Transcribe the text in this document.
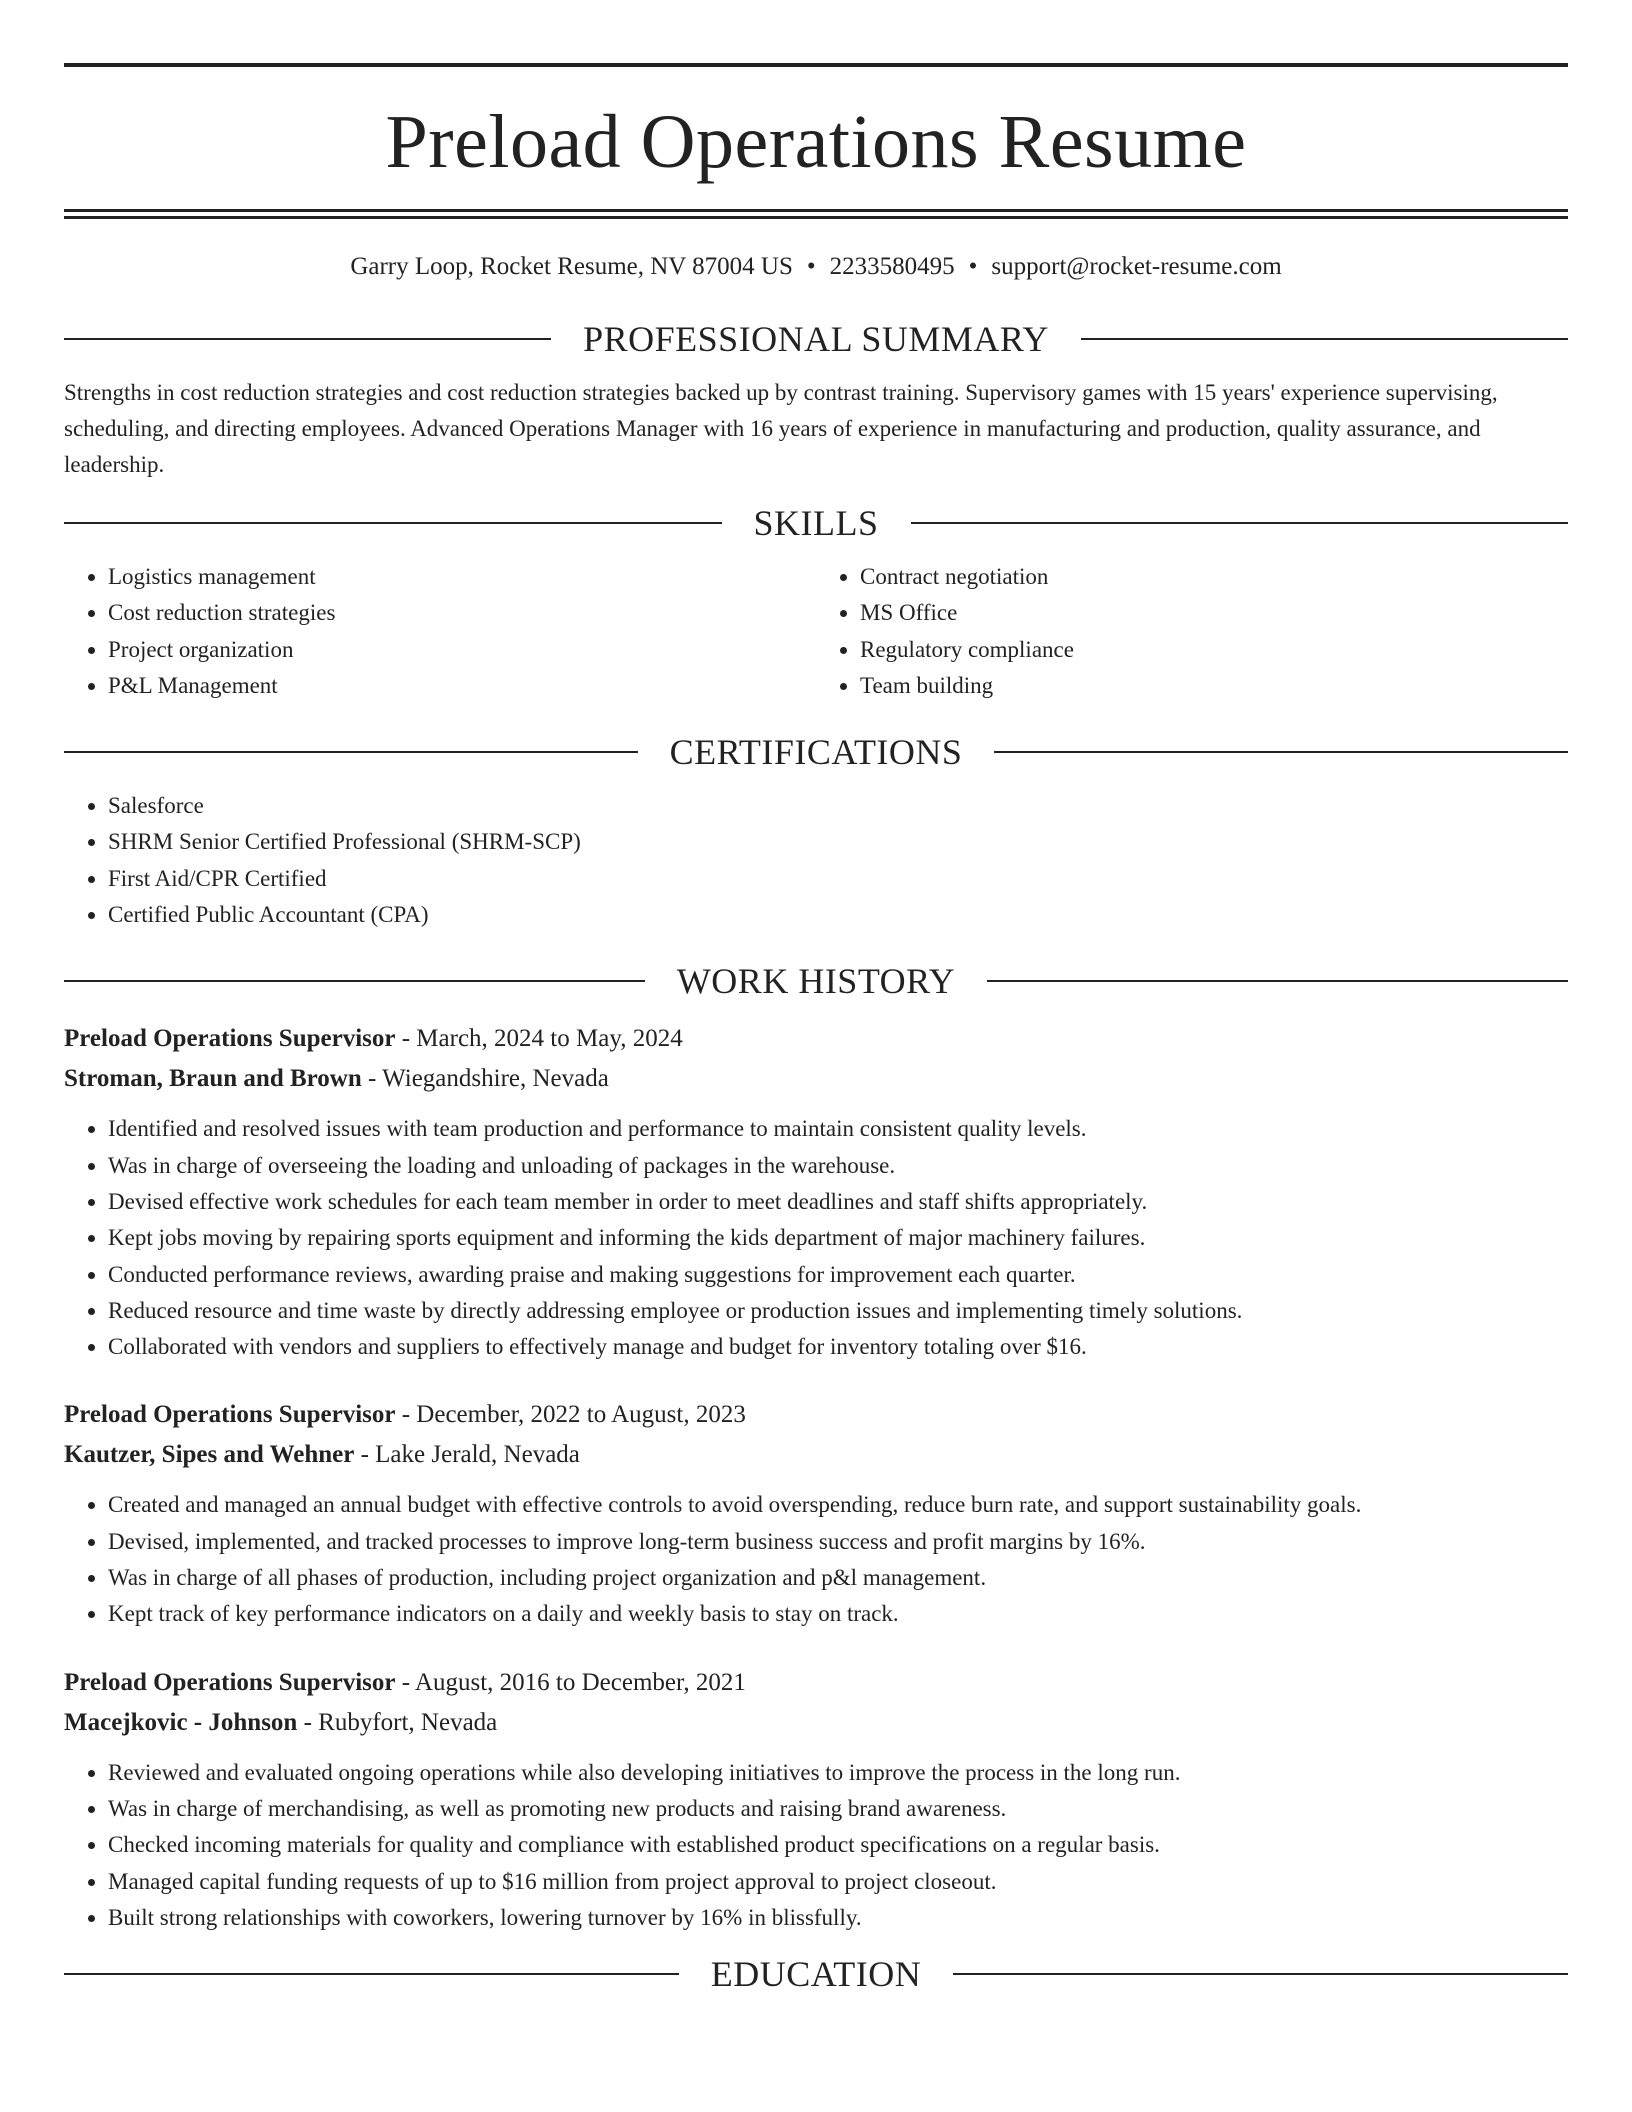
Preload Operations Resume
Garry Loop, Rocket Resume, NV 87004 US • 2233580495 • support@rocket-resume.com
PROFESSIONAL SUMMARY
Strengths in cost reduction strategies and cost reduction strategies backed up by contrast training. Supervisory games with 15 years' experience supervising, scheduling, and directing employees. Advanced Operations Manager with 16 years of experience in manufacturing and production, quality assurance, and leadership.
SKILLS
• Logistics management
• Cost reduction strategies
• Project organization
• P&L Management
• Contract negotiation
• MS Office
• Regulatory compliance
• Team building
CERTIFICATIONS
• Salesforce
• SHRM Senior Certified Professional (SHRM-SCP)
• First Aid/CPR Certified
• Certified Public Accountant (CPA)
WORK HISTORY
Preload Operations Supervisor - March, 2024 to May, 2024
Stroman, Braun and Brown - Wiegandshire, Nevada
• Identified and resolved issues with team production and performance to maintain consistent quality levels.
• Was in charge of overseeing the loading and unloading of packages in the warehouse.
• Devised effective work schedules for each team member in order to meet deadlines and staff shifts appropriately.
• Kept jobs moving by repairing sports equipment and informing the kids department of major machinery failures.
• Conducted performance reviews, awarding praise and making suggestions for improvement each quarter.
• Reduced resource and time waste by directly addressing employee or production issues and implementing timely solutions.
• Collaborated with vendors and suppliers to effectively manage and budget for inventory totaling over $16.
Preload Operations Supervisor - December, 2022 to August, 2023
Kautzer, Sipes and Wehner - Lake Jerald, Nevada
• Created and managed an annual budget with effective controls to avoid overspending, reduce burn rate, and support sustainability goals.
• Devised, implemented, and tracked processes to improve long-term business success and profit margins by 16%.
• Was in charge of all phases of production, including project organization and p&l management.
• Kept track of key performance indicators on a daily and weekly basis to stay on track.
Preload Operations Supervisor - August, 2016 to December, 2021
Macejkovic - Johnson - Rubyfort, Nevada
• Reviewed and evaluated ongoing operations while also developing initiatives to improve the process in the long run.
• Was in charge of merchandising, as well as promoting new products and raising brand awareness.
• Checked incoming materials for quality and compliance with established product specifications on a regular basis.
• Managed capital funding requests of up to $16 million from project approval to project closeout.
• Built strong relationships with coworkers, lowering turnover by 16% in blissfully.
EDUCATION
